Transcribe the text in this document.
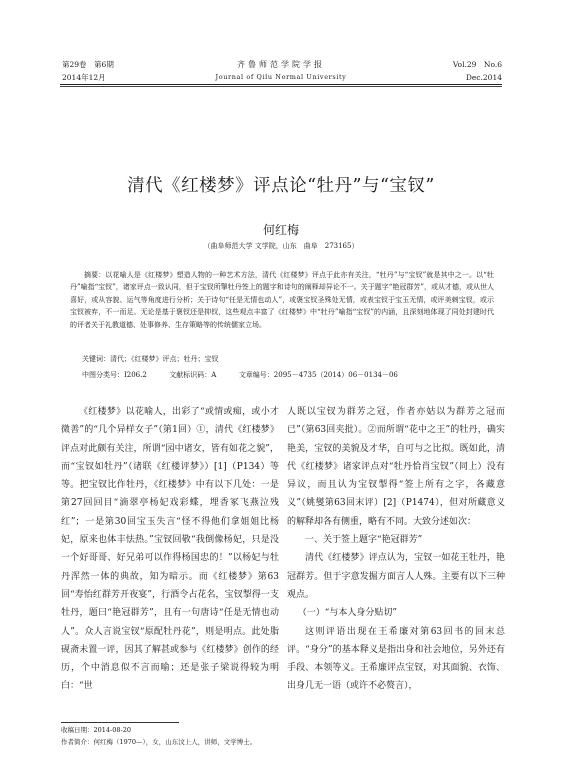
第29卷　第6期
2014年12月
齐鲁师范学院学报
Journal of Qilu Normal University
Vol.29　No.6
Dec.2014
清代《红楼梦》评点论“牡丹”与“宝钗”
何红梅
（曲阜师范大学 文学院，山东　曲阜　273165）

摘要：以花喻人是《红楼梦》塑造人物的一种艺术方法，清代《红楼梦》评点于此亦有关注，“牡丹”与“宝钗”就是其中之一。以“牡丹”喻指“宝钗”，诸家评点一致认同，但于宝钗所掣牡丹签上的题字和诗句的阐释却异论不一。关于题字“艳冠群芳”，或从才德，或从世人喜好，或从容貌、运气等角度进行分析；关于诗句“任是无情也动人”，或褒宝钗圣殊处无情，或表宝钗于宝玉无情，或评美刺宝钗，或示宝钗被弃，不一而足。无论是基于褒钗还是抑钗，这些观点丰富了《红楼梦》中“牡丹”喻指“宝钗”的内涵，且深刻地体现了同处封建时代的评者关于礼教道德、处事修养、生存策略等的传统儒家立场。

关键词：清代；《红楼梦》评点；牡丹；宝钗
中图分类号：I206.2	文献标识码：A	文章编号：2095－4735（2014）06－0134－06

《红楼梦》以花喻人，出彩了“或情或痴，或小才微善”的“几个异样女子”（第1回）①，清代《红楼梦》评点对此颇有关注，所谓“园中诸女，皆有如花之貌”，而“宝钗如牡丹”（诸联《红楼评梦》）[1]（P134）等等。把宝钗比作牡丹，《红楼梦》中有以下几处：一是第27回回目“滴翠亭杨妃戏彩蝶，埋香冢飞燕泣残红”；一是第30回宝玉失言“怪不得他们拿姐姐比杨妃，原来也体丰怯热。”宝钗回敬“我倒像杨妃，只是没一个好哥哥、好兄弟可以作得杨国忠的！”以杨妃与牡丹浑然一体的典故，知为暗示。而《红楼梦》第63回“寿怡红群芳开夜宴”，行酒令占花名，宝钗掣得一支牡丹，题曰“艳冠群芳”，且有一句唐诗“任是无情也动人”。众人言说宝钗“原配牡丹花”，则是明点。此处脂砚斋未置一评，因其了解甚或参与《红楼梦》创作的经历，个中消息似不言而喻；还是张子梁说得较为明白：“世

人既以宝钗为群芳之冠，作者亦姑以为群芳之冠而已”（第63回夹批）。②而所谓“花中之王”的牡丹，确实艳美，宝钗的美貌及才华，自可与之比拟。既如此，清代《红楼梦》诸家评点对“牡丹恰肖宝钗”（同上）没有异议，而且认为宝钗掣得“签上所有之字，各藏意义”（姚燮第63回末评）[2]（P1474），但对所藏意义的解释却各有侧重，略有不同。大致分述如次：

一、关于签上题字“艳冠群芳”

清代《红楼梦》评点认为，宝钗一如花王牡丹，艳冠群芳。但于字意发掘方面言人人殊。主要有以下三种观点。

（一）“与本人身分贴切”

这则评语出现在王希廉对第63回书的回末总评。“身分”的基本释义是指出身和社会地位，另外还有手段、本领等义。王希廉评点宝钗，对其面貌、衣饰、出身几无一语（或许不必赘言），

收稿日期：2014-08-20
作者简介：何红梅（1970—），女，山东汶上人，讲师，文学博士。
